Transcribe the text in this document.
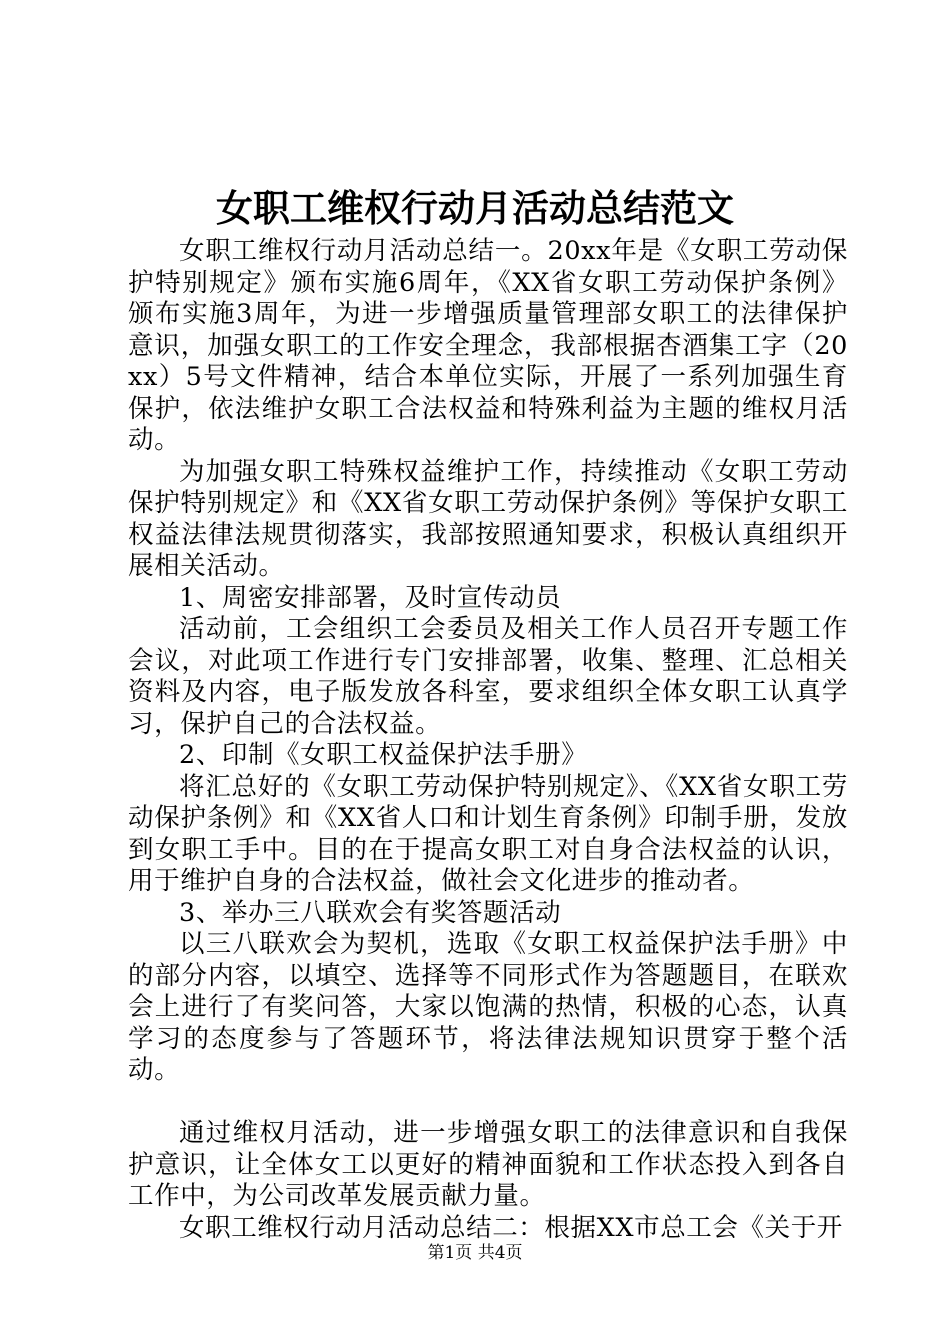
女职工维权行动月活动总结范文

女职工维权行动月活动总结一。20xx年是《女职工劳动保护特别规定》颁布实施6周年，《XX省女职工劳动保护条例》颁布实施3周年，为进一步增强质量管理部女职工的法律保护意识，加强女职工的工作安全理念，我部根据杏酒集工字（20xx）5号文件精神，结合本单位实际，开展了一系列加强生育保护，依法维护女职工合法权益和特殊利益为主题的维权月活动。

为加强女职工特殊权益维护工作，持续推动《女职工劳动保护特别规定》和《XX省女职工劳动保护条例》等保护女职工权益法律法规贯彻落实，我部按照通知要求，积极认真组织开展相关活动。

1、周密安排部署，及时宣传动员

活动前，工会组织工会委员及相关工作人员召开专题工作会议，对此项工作进行专门安排部署，收集、整理、汇总相关资料及内容，电子版发放各科室，要求组织全体女职工认真学习，保护自己的合法权益。

2、印制《女职工权益保护法手册》

将汇总好的《女职工劳动保护特别规定》、《XX省女职工劳动保护条例》和《XX省人口和计划生育条例》印制手册，发放到女职工手中。目的在于提高女职工对自身合法权益的认识，用于维护自身的合法权益，做社会文化进步的推动者。

3、举办三八联欢会有奖答题活动

以三八联欢会为契机，选取《女职工权益保护法手册》中的部分内容，以填空、选择等不同形式作为答题题目，在联欢会上进行了有奖问答，大家以饱满的热情，积极的心态，认真学习的态度参与了答题环节，将法律法规知识贯穿于整个活动。

通过维权月活动，进一步增强女职工的法律意识和自我保护意识，让全体女工以更好的精神面貌和工作状态投入到各自工作中，为公司改革发展贡献力量。

女职工维权行动月活动总结二：根据XX市总工会《关于开

第1页 共4页
